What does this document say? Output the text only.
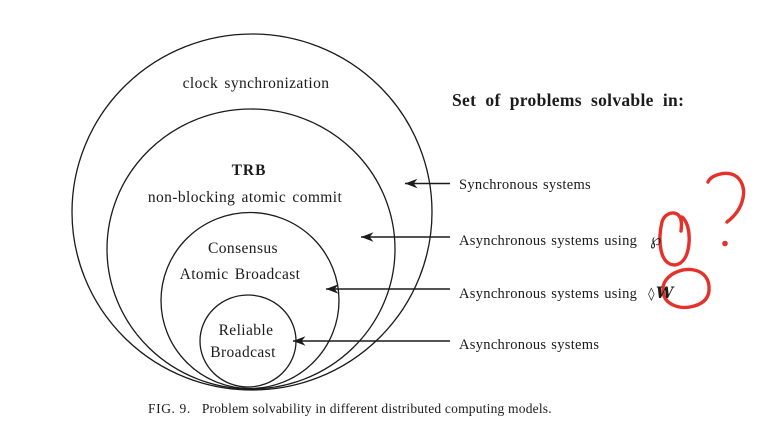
clock synchronization
TRB
non-blocking atomic commit
Consensus
Atomic Broadcast
Reliable
Broadcast
Set of problems solvable in:
Synchronous systems
Asynchronous systems using ℘
Asynchronous systems using ◊W
Asynchronous systems
FIG. 9. Problem solvability in different distributed computing models.
